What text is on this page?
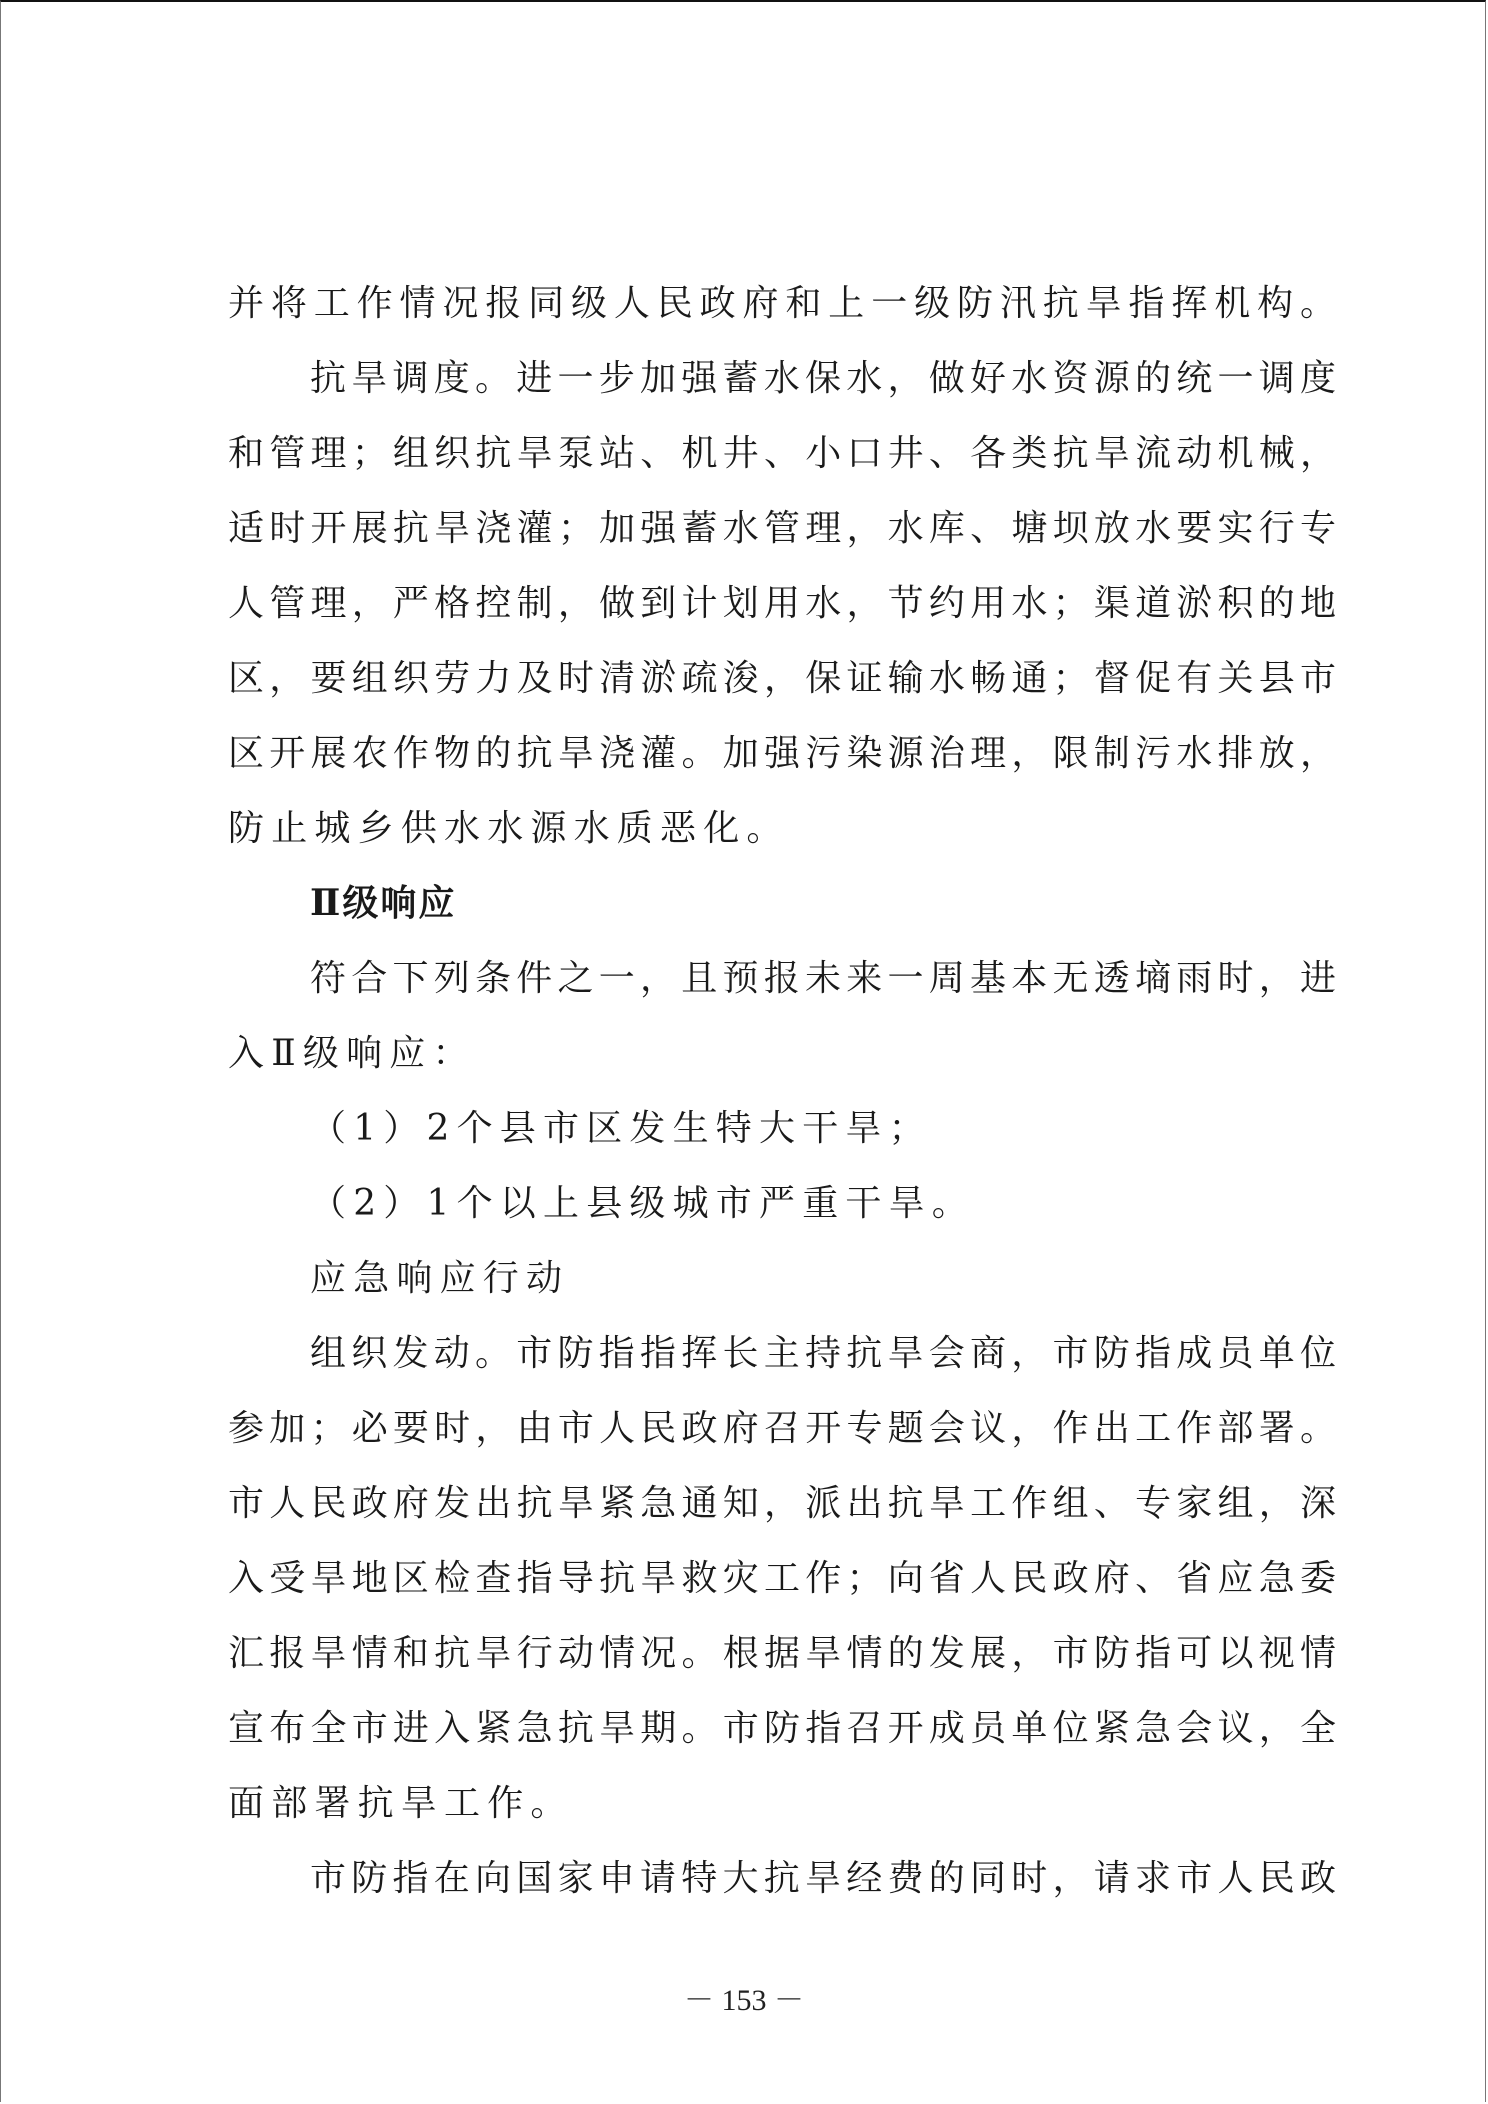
并将工作情况报同级人民政府和上一级防汛抗旱指挥机构。
抗旱调度。进一步加强蓄水保水，做好水资源的统一调度
和管理；组织抗旱泵站、机井、小口井、各类抗旱流动机械，
适时开展抗旱浇灌；加强蓄水管理，水库、塘坝放水要实行专
人管理，严格控制，做到计划用水，节约用水；渠道淤积的地
区，要组织劳力及时清淤疏浚，保证输水畅通；督促有关县市
区开展农作物的抗旱浇灌。加强污染源治理，限制污水排放，
防止城乡供水水源水质恶化。
Ⅱ级响应
符合下列条件之一，且预报未来一周基本无透墒雨时，进
入Ⅱ级响应：
（1）2个县市区发生特大干旱；
（2）1个以上县级城市严重干旱。
应急响应行动
组织发动。市防指指挥长主持抗旱会商，市防指成员单位
参加；必要时，由市人民政府召开专题会议，作出工作部署。
市人民政府发出抗旱紧急通知，派出抗旱工作组、专家组，深
入受旱地区检查指导抗旱救灾工作；向省人民政府、省应急委
汇报旱情和抗旱行动情况。根据旱情的发展，市防指可以视情
宣布全市进入紧急抗旱期。市防指召开成员单位紧急会议，全
面部署抗旱工作。
市防指在向国家申请特大抗旱经费的同时，请求市人民政
－ 153 －
